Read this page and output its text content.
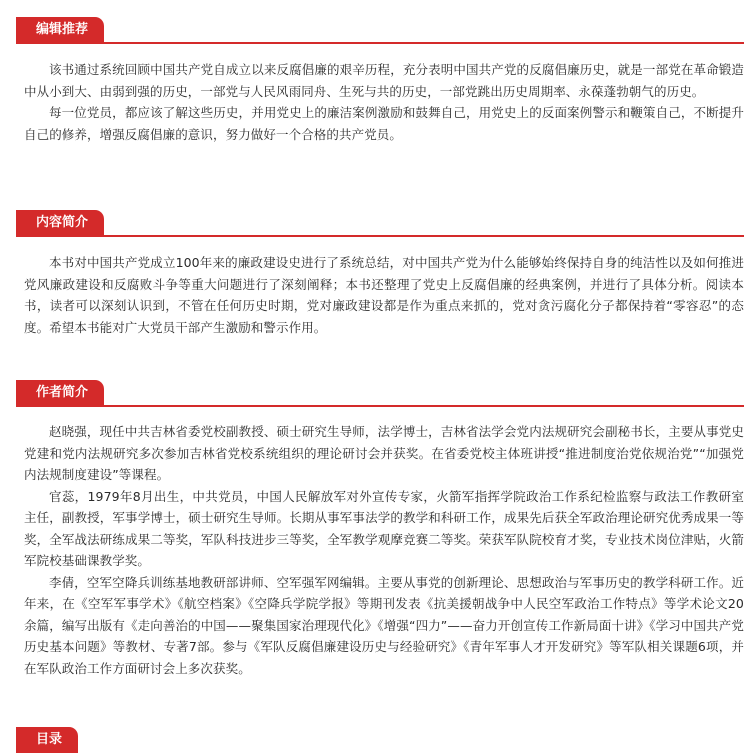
编辑推荐

该书通过系统回顾中国共产党自成立以来反腐倡廉的艰辛历程，充分表明中国共产党的反腐倡廉历史，就是一部党在革命锻造中从小到大、由弱到强的历史，一部党与人民风雨同舟、生死与共的历史，一部党跳出历史周期率、永葆蓬勃朝气的历史。

每一位党员，都应该了解这些历史，并用党史上的廉洁案例激励和鼓舞自己，用党史上的反面案例警示和鞭策自己，不断提升自己的修养，增强反腐倡廉的意识，努力做好一个合格的共产党员。

内容简介

本书对中国共产党成立100年来的廉政建设史进行了系统总结，对中国共产党为什么能够始终保持自身的纯洁性以及如何推进党风廉政建设和反腐败斗争等重大问题进行了深刻阐释；本书还整理了党史上反腐倡廉的经典案例，并进行了具体分析。阅读本书，读者可以深刻认识到，不管在任何历史时期，党对廉政建设都是作为重点来抓的，党对贪污腐化分子都保持着“零容忍”的态度。希望本书能对广大党员干部产生激励和警示作用。

作者简介

赵晓强，现任中共吉林省委党校副教授、硕士研究生导师，法学博士，吉林省法学会党内法规研究会副秘书长，主要从事党史党建和党内法规研究多次参加吉林省党校系统组织的理论研讨会并获奖。在省委党校主体班讲授“推进制度治党依规治党”“加强党内法规制度建设”等课程。

官蕊，1979年8月出生，中共党员，中国人民解放军对外宣传专家，火箭军指挥学院政治工作系纪检监察与政法工作教研室主任，副教授，军事学博士，硕士研究生导师。长期从事军事法学的教学和科研工作，成果先后获全军政治理论研究优秀成果一等奖，全军战法研练成果二等奖，军队科技进步三等奖，全军教学观摩竞赛二等奖。荣获军队院校育才奖，专业技术岗位津贴，火箭军院校基础课教学奖。

李倩，空军空降兵训练基地教研部讲师、空军强军网编辑。主要从事党的创新理论、思想政治与军事历史的教学科研工作。近年来，在《空军军事学术》《航空档案》《空降兵学院学报》等期刊发表《抗美援朝战争中人民空军政治工作特点》等学术论文20余篇，编写出版有《走向善治的中国——聚集国家治理现代化》《增强“四力”——奋力开创宣传工作新局面十讲》《学习中国共产党历史基本问题》等教材、专著7部。参与《军队反腐倡廉建设历史与经验研究》《青年军事人才开发研究》等军队相关课题6项，并在军队政治工作方面研讨会上多次获奖。

目录
